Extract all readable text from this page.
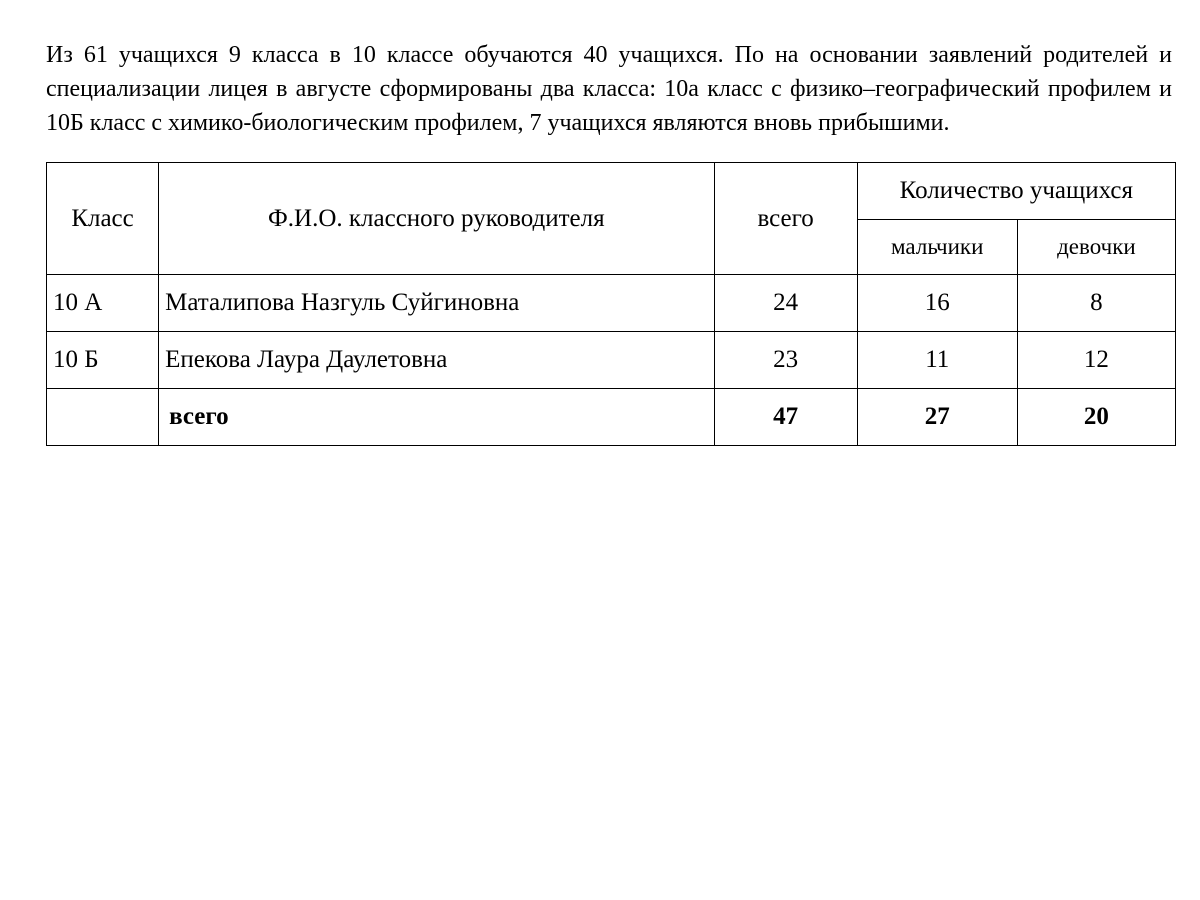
Из 61 учащихся 9 класса в 10 классе обучаются 40 учащихся. По на основании заявлений родителей и специализации лицея в августе сформированы два класса: 10а класс с физико–географический профилем и 10Б класс с химико-биологическим профилем, 7 учащихся являются вновь прибышими.

Класс	Ф.И.О. классного руководителя	всего	Количество учащихся	
			мальчики	девочки
10 А	Маталипова Назгуль Суйгиновна	24	16	8
10 Б	Епекова Лаура Даулетовна	23	11	12
	всего	47	27	20
